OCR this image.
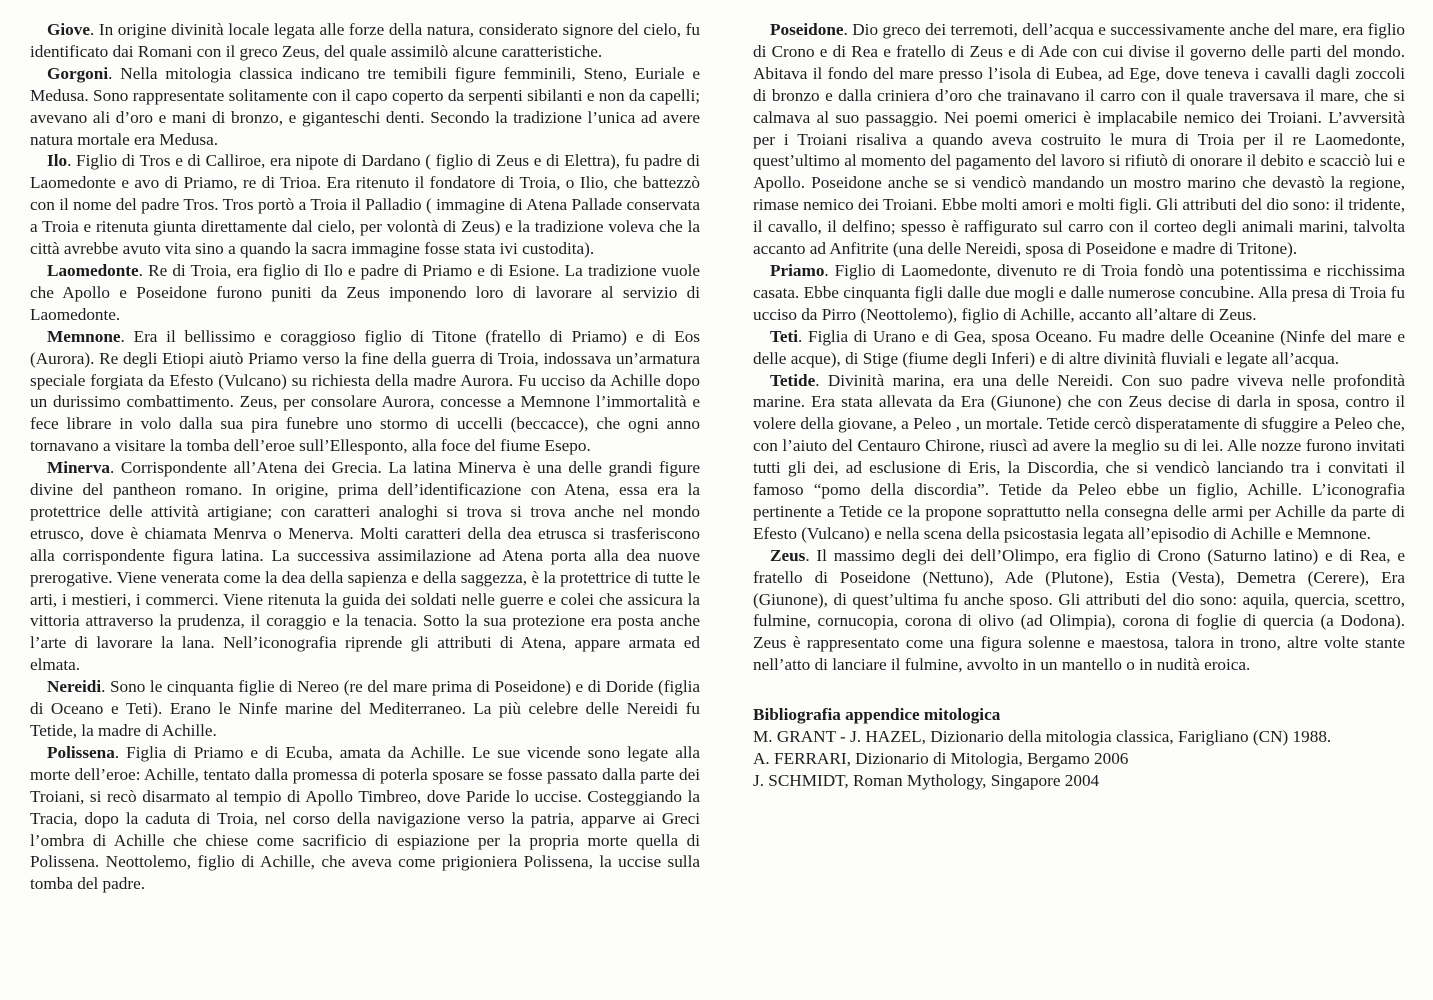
Giove. In origine divinità locale legata alle forze della natura, considerato signore del cielo, fu identificato dai Romani con il greco Zeus, del quale assimilò alcune caratteristiche.

Gorgoni. Nella mitologia classica indicano tre temibili figure femminili, Steno, Euriale e Medusa. Sono rappresentate solitamente con il capo coperto da serpenti sibilanti e non da capelli; avevano ali d’oro e mani di bronzo, e giganteschi denti. Secondo la tradizione l’unica ad avere natura mortale era Medusa.

Ilo. Figlio di Tros e di Calliroe, era nipote di Dardano ( figlio di Zeus e di Elettra), fu padre di Laomedonte e avo di Priamo, re di Trioa. Era ritenuto il fondatore di Troia, o Ilio, che battezzò con il nome del padre Tros. Tros portò a Troia il Palladio ( immagine di Atena Pallade conservata a Troia e ritenuta giunta direttamente dal cielo, per volontà di Zeus) e la tradizione voleva che la città avrebbe avuto vita sino a quando la sacra immagine fosse stata ivi custodita).

Laomedonte. Re di Troia, era figlio di Ilo e padre di Priamo e di Esione. La tradizione vuole che Apollo e Poseidone furono puniti da Zeus imponendo loro di lavorare al servizio di Laomedonte.

Memnone. Era il bellissimo e coraggioso figlio di Titone (fratello di Priamo) e di Eos (Aurora). Re degli Etiopi aiutò Priamo verso la fine della guerra di Troia, indossava un’armatura speciale forgiata da Efesto (Vulcano) su richiesta della madre Aurora. Fu ucciso da Achille dopo un durissimo combattimento. Zeus, per consolare Aurora, concesse a Memnone l’immortalità e fece librare in volo dalla sua pira funebre uno stormo di uccelli (beccacce), che ogni anno tornavano a visitare la tomba dell’eroe sull’Ellesponto, alla foce del fiume Esepo.

Minerva. Corrispondente all’Atena dei Grecia. La latina Minerva è una delle grandi figure divine del pantheon romano. In origine, prima dell’identificazione con Atena, essa era la protettrice delle attività artigiane; con caratteri analoghi si trova si trova anche nel mondo etrusco, dove è chiamata Menrva o Menerva. Molti caratteri della dea etrusca si trasferiscono alla corrispondente figura latina. La successiva assimilazione ad Atena porta alla dea nuove prerogative. Viene venerata come la dea della sapienza e della saggezza, è la protettrice di tutte le arti, i mestieri, i commerci. Viene ritenuta la guida dei soldati nelle guerre e colei che assicura la vittoria attraverso la prudenza, il coraggio e la tenacia. Sotto la sua protezione era posta anche l’arte di lavorare la lana. Nell’iconografia riprende gli attributi di Atena, appare armata ed elmata.

Nereidi. Sono le cinquanta figlie di Nereo (re del mare prima di Poseidone) e di Doride (figlia di Oceano e Teti). Erano le Ninfe marine del Mediterraneo. La più celebre delle Nereidi fu Tetide, la madre di Achille.

Polissena. Figlia di Priamo e di Ecuba, amata da Achille. Le sue vicende sono legate alla morte dell’eroe: Achille, tentato dalla promessa di poterla sposare se fosse passato dalla parte dei Troiani, si recò disarmato al tempio di Apollo Timbreo, dove Paride lo uccise. Costeggiando la Tracia, dopo la caduta di Troia, nel corso della navigazione verso la patria, apparve ai Greci l’ombra di Achille che chiese come sacrificio di espiazione per la propria morte quella di Polissena. Neottolemo, figlio di Achille, che aveva come prigioniera Polissena, la uccise sulla tomba del padre.

Poseidone. Dio greco dei terremoti, dell’acqua e successivamente anche del mare, era figlio di Crono e di Rea e fratello di Zeus e di Ade con cui divise il governo delle parti del mondo. Abitava il fondo del mare presso l’isola di Eubea, ad Ege, dove teneva i cavalli dagli zoccoli di bronzo e dalla criniera d’oro che trainavano il carro con il quale traversava il mare, che si calmava al suo passaggio. Nei poemi omerici è implacabile nemico dei Troiani. L’avversità per i Troiani risaliva a quando aveva costruito le mura di Troia per il re Laomedonte, quest’ultimo al momento del pagamento del lavoro si rifiutò di onorare il debito e scacciò lui e Apollo. Poseidone anche se si vendicò mandando un mostro marino che devastò la regione, rimase nemico dei Troiani. Ebbe molti amori e molti figli. Gli attributi del dio sono: il tridente, il cavallo, il delfino; spesso è raffigurato sul carro con il corteo degli animali marini, talvolta accanto ad Anfitrite (una delle Nereidi, sposa di Poseidone e madre di Tritone).

Priamo. Figlio di Laomedonte, divenuto re di Troia fondò una potentissima e ricchissima casata. Ebbe cinquanta figli dalle due mogli e dalle numerose concubine. Alla presa di Troia fu ucciso da Pirro (Neottolemo), figlio di Achille, accanto all’altare di Zeus.

Teti. Figlia di Urano e di Gea, sposa Oceano. Fu madre delle Oceanine (Ninfe del mare e delle acque), di Stige (fiume degli Inferi) e di altre divinità fluviali e legate all’acqua.

Tetide. Divinità marina, era una delle Nereidi. Con suo padre viveva nelle profondità marine. Era stata allevata da Era (Giunone) che con Zeus decise di darla in sposa, contro il volere della giovane, a Peleo , un mortale. Tetide cercò disperatamente di sfuggire a Peleo che, con l’aiuto del Centauro Chirone, riuscì ad avere la meglio su di lei. Alle nozze furono invitati tutti gli dei, ad esclusione di Eris, la Discordia, che si vendicò lanciando tra i convitati il famoso “pomo della discordia”. Tetide da Peleo ebbe un figlio, Achille. L’iconografia pertinente a Tetide ce la propone soprattutto nella consegna delle armi per Achille da parte di Efesto (Vulcano) e nella scena della psicostasia legata all’episodio di Achille e Memnone.

Zeus. Il massimo degli dei dell’Olimpo, era figlio di Crono (Saturno latino) e di Rea, e fratello di Poseidone (Nettuno), Ade (Plutone), Estia (Vesta), Demetra (Cerere), Era (Giunone), di quest’ultima fu anche sposo. Gli attributi del dio sono: aquila, quercia, scettro, fulmine, cornucopia, corona di olivo (ad Olimpia), corona di foglie di quercia (a Dodona). Zeus è rappresentato come una figura solenne e maestosa, talora in trono, altre volte stante nell’atto di lanciare il fulmine, avvolto in un mantello o in nudità eroica.

Bibliografia appendice mitologica
M. GRANT - J. HAZEL, Dizionario della mitologia classica, Farigliano (CN) 1988.
A. FERRARI, Dizionario di Mitologia, Bergamo 2006
J. SCHMIDT, Roman Mythology, Singapore 2004
